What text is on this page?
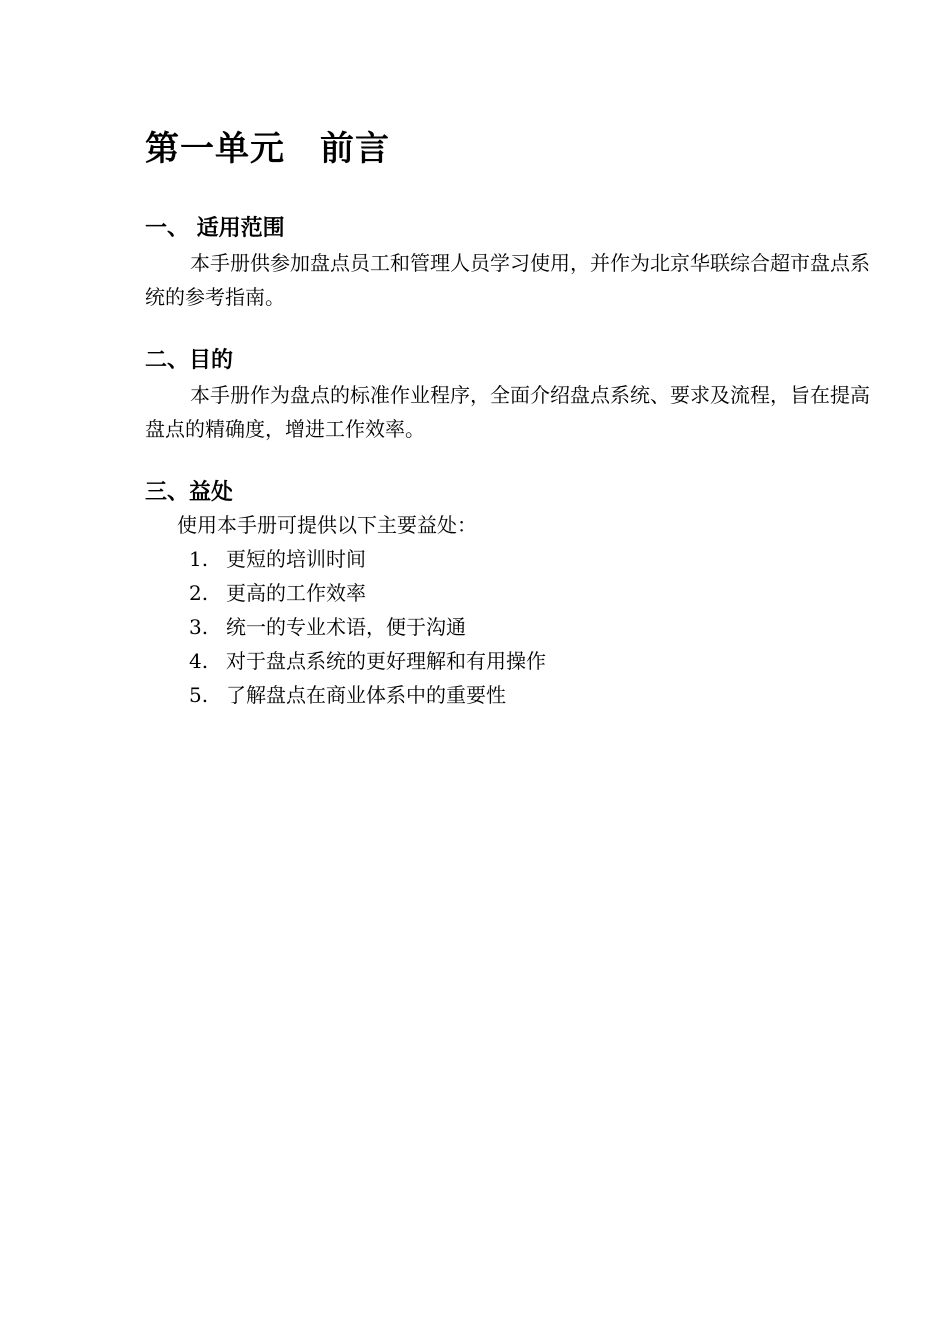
第一单元　前言
一、 适用范围

本手册供参加盘点员工和管理人员学习使用，并作为北京华联综合超市盘点系统的参考指南。

二、目的

本手册作为盘点的标准作业程序，全面介绍盘点系统、要求及流程，旨在提高盘点的精确度，增进工作效率。

三、益处

使用本手册可提供以下主要益处：

1. 更短的培训时间
2. 更高的工作效率
3. 统一的专业术语，便于沟通
4. 对于盘点系统的更好理解和有用操作
5. 了解盘点在商业体系中的重要性
